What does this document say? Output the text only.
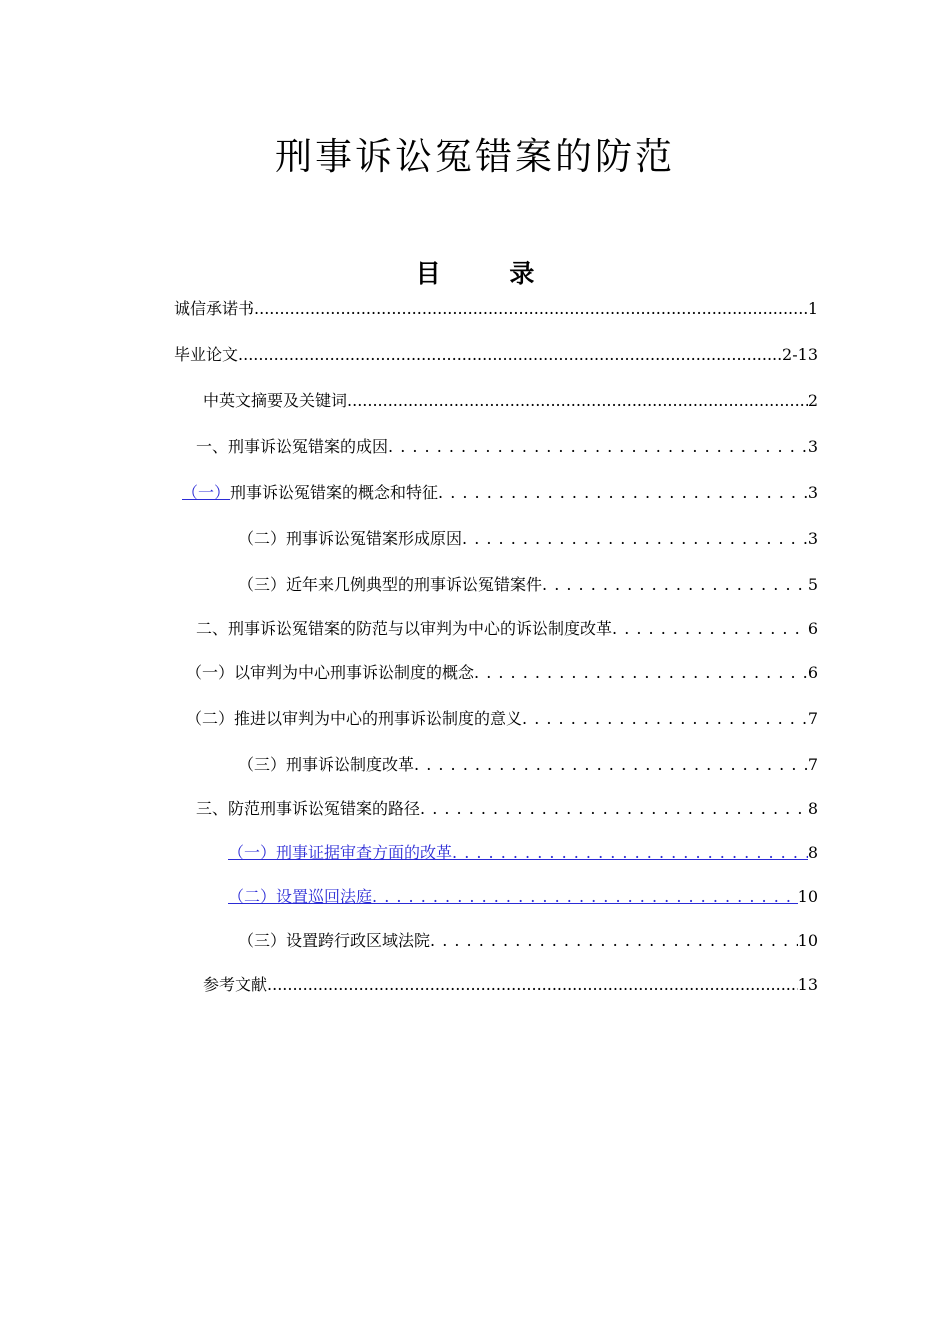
刑事诉讼冤错案的防范
目 录
诚信承诺书 .....	1
毕业论文 .....	2-13
中英文摘要及关键词 .....	2
一、刑事诉讼冤错案的成因 . . .	3
（一） 刑事诉讼冤错案的概念和特征 . . .	3
（二）刑事诉讼冤错案形成原因 . . .	3
（三）近年来几例典型的刑事诉讼冤错案件 . . .	5
二、刑事诉讼冤错案的防范与以审判为中心的诉讼制度改革 . . .	6
（一）以审判为中心刑事诉讼制度的概念 . . .	6
（二）推进以审判为中心的刑事诉讼制度的意义 . . .	7
（三）刑事诉讼制度改革 . . .	7
三、防范刑事诉讼冤错案的路径 . . .	8
（一）刑事证据审查方面的改革 . . .	8
（二）设置巡回法庭 . . .	10
（三）设置跨行政区域法院 . . .	10
参考文献 .....	13
